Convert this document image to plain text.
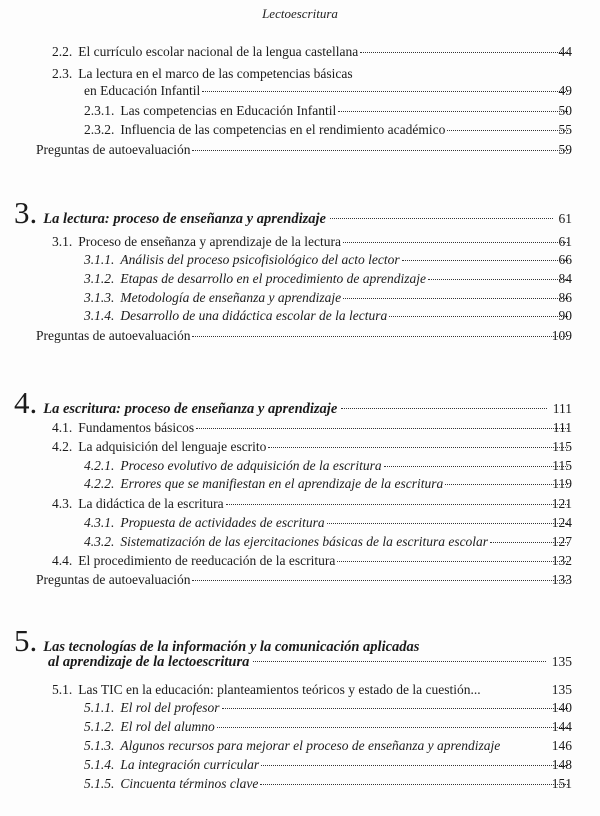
Lectoescritura
2.2. El currículo escolar nacional de la lengua castellana	44
2.3. La lectura en el marco de las competencias básicas
en Educación Infantil	49
2.3.1. Las competencias en Educación Infantil	50
2.3.2. Influencia de las competencias en el rendimiento académico	55
Preguntas de autoevaluación	59
3. La lectura: proceso de enseñanza y aprendizaje	61
3.1. Proceso de enseñanza y aprendizaje de la lectura	61
3.1.1. Análisis del proceso psicofisiológico del acto lector	66
3.1.2. Etapas de desarrollo en el procedimiento de aprendizaje	84
3.1.3. Metodología de enseñanza y aprendizaje	86
3.1.4. Desarrollo de una didáctica escolar de la lectura	90
Preguntas de autoevaluación	109
4. La escritura: proceso de enseñanza y aprendizaje	111
4.1. Fundamentos básicos	111
4.2. La adquisición del lenguaje escrito	115
4.2.1. Proceso evolutivo de adquisición de la escritura	115
4.2.2. Errores que se manifiestan en el aprendizaje de la escritura	119
4.3. La didáctica de la escritura	121
4.3.1. Propuesta de actividades de escritura	124
4.3.2. Sistematización de las ejercitaciones básicas de la escritura escolar	127
4.4. El procedimiento de reeducación de la escritura	132
Preguntas de autoevaluación	133
5. Las tecnologías de la información y la comunicación aplicadas
al aprendizaje de la lectoescritura	135
5.1. Las TIC en la educación: planteamientos teóricos y estado de la cuestión...	135
5.1.1. El rol del profesor	140
5.1.2. El rol del alumno	144
5.1.3. Algunos recursos para mejorar el proceso de enseñanza y aprendizaje	146
5.1.4. La integración curricular	148
5.1.5. Cincuenta términos clave	151
